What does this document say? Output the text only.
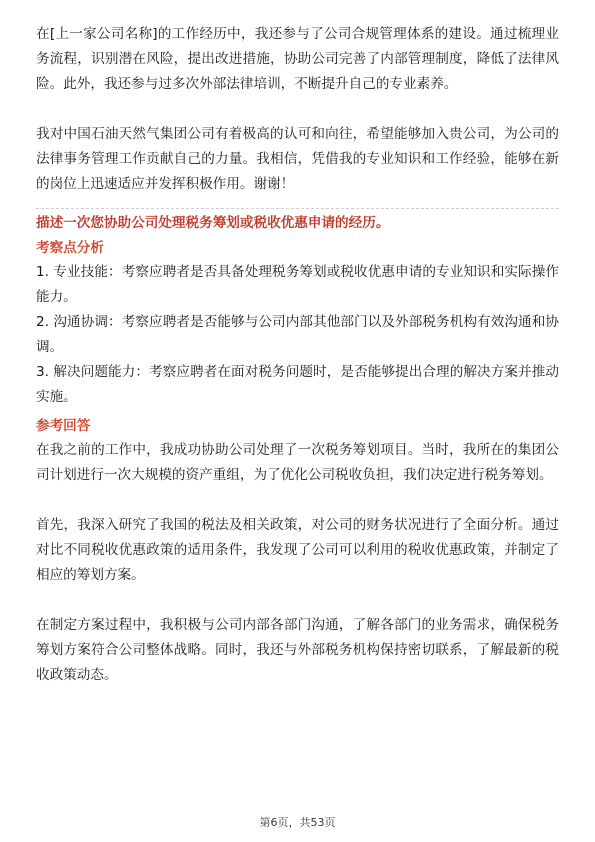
在[上一家公司名称]的工作经历中，我还参与了公司合规管理体系的建设。通过梳理业务流程，识别潜在风险，提出改进措施，协助公司完善了内部管理制度，降低了法律风险。此外，我还参与过多次外部法律培训，不断提升自己的专业素养。

我对中国石油天然气集团公司有着极高的认可和向往，希望能够加入贵公司，为公司的法律事务管理工作贡献自己的力量。我相信，凭借我的专业知识和工作经验，能够在新的岗位上迅速适应并发挥积极作用。谢谢！

描述一次您协助公司处理税务筹划或税收优惠申请的经历。

考察点分析

1. 专业技能：考察应聘者是否具备处理税务筹划或税收优惠申请的专业知识和实际操作能力。

2. 沟通协调：考察应聘者是否能够与公司内部其他部门以及外部税务机构有效沟通和协调。

3. 解决问题能力：考察应聘者在面对税务问题时，是否能够提出合理的解决方案并推动实施。

参考回答

在我之前的工作中，我成功协助公司处理了一次税务筹划项目。当时，我所在的集团公司计划进行一次大规模的资产重组，为了优化公司税收负担，我们决定进行税务筹划。

首先，我深入研究了我国的税法及相关政策，对公司的财务状况进行了全面分析。通过对比不同税收优惠政策的适用条件，我发现了公司可以利用的税收优惠政策，并制定了相应的筹划方案。

在制定方案过程中，我积极与公司内部各部门沟通，了解各部门的业务需求，确保税务筹划方案符合公司整体战略。同时，我还与外部税务机构保持密切联系，了解最新的税收政策动态。

第6页，共53页
